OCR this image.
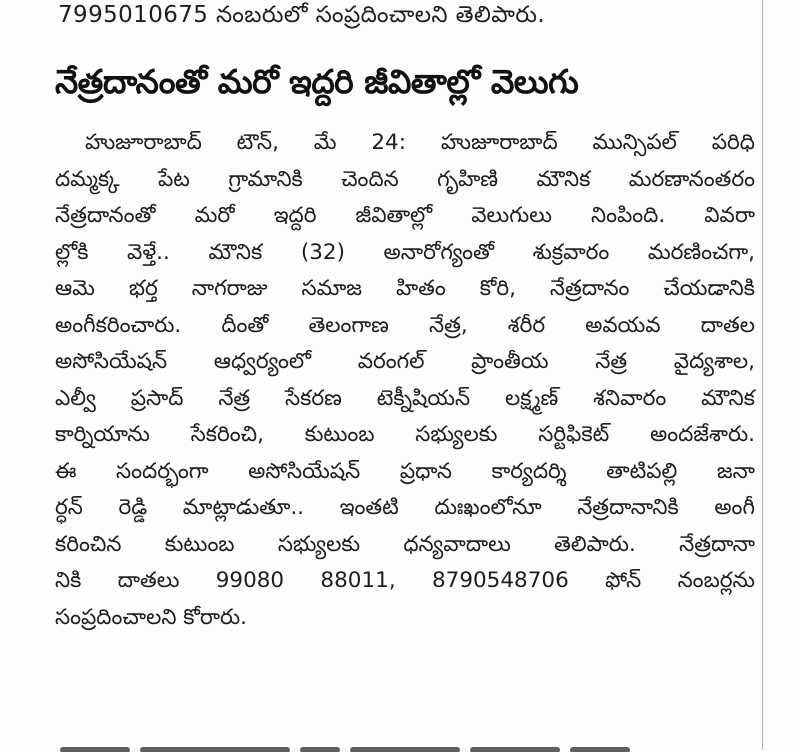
7995010675 నంబరులో సంప్రదించాలని తెలిపారు.
నేత్రదానంతో మరో ఇద్దరి జీవితాల్లో వెలుగు
హుజూరాబాద్ టౌన్, మే 24: హుజూరాబాద్ మున్సిపల్ పరిధి
దమ్మక్క పేట గ్రామానికి చెందిన గృహిణి మౌనిక మరణానంతరం
నేత్రదానంతో మరో ఇద్దరి జీవితాల్లో వెలుగులు నింపింది. వివరా
ల్లోకి వెళ్తే.. మౌనిక (32) అనారోగ్యంతో శుక్రవారం మరణించగా,
ఆమె భర్త నాగరాజు సమాజ హితం కోరి, నేత్రదానం చేయడానికి
అంగీకరించారు. దీంతో తెలంగాణ నేత్ర, శరీర అవయవ దాతల
అసోసియేషన్ ఆధ్వర్యంలో వరంగల్ ప్రాంతీయ నేత్ర వైద్యశాల,
ఎల్వీ ప్రసాద్ నేత్ర సేకరణ టెక్నీషియన్ లక్ష్మణ్ శనివారం మౌనిక
కార్నియాను సేకరించి, కుటుంబ సభ్యులకు సర్టిఫికెట్ అందజేశారు.
ఈ సందర్భంగా అసోసియేషన్ ప్రధాన కార్యదర్శి తాటిపల్లి జనా
ర్ధన్ రెడ్డి మాట్లాడుతూ.. ఇంతటి దుఃఖంలోనూ నేత్రదానానికి అంగీ
కరించిన కుటుంబ సభ్యులకు ధన్యవాదాలు తెలిపారు. నేత్రదానా
నికి దాతలు 99080 88011, 8790548706 ఫోన్ నంబర్లను
సంప్రదించాలని కోరారు.
